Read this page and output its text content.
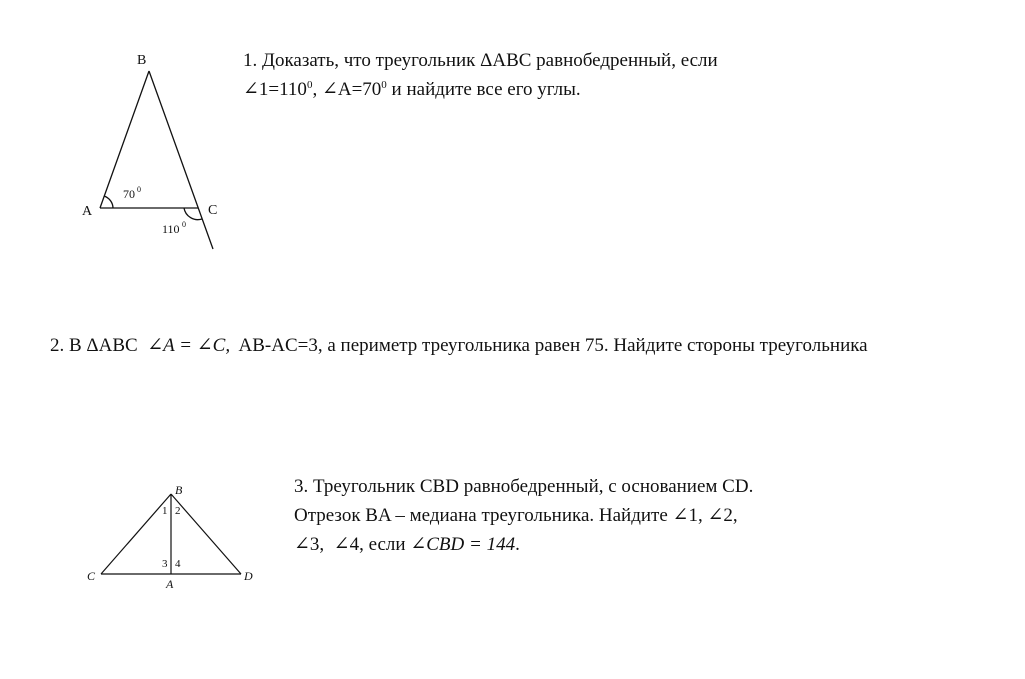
B
A	C
70 0
110 0
1. Доказать, что треугольник ΔABC равнобедренный, если
$\angle 1=110^0$, $\angle A=70^0$ и найдите все его углы.
2. В ΔABC  ∠A = ∠C,  AB-AC=3, а периметр треугольника равен 75. Найдите стороны треугольника
B
C	D
A
1 2
3 4
3. Треугольник CBD равнобедренный, с основанием CD.
Отрезок BA – медиана треугольника. Найдите ∠1, ∠2,
∠3,  ∠4, если ∠CBD = 144.
